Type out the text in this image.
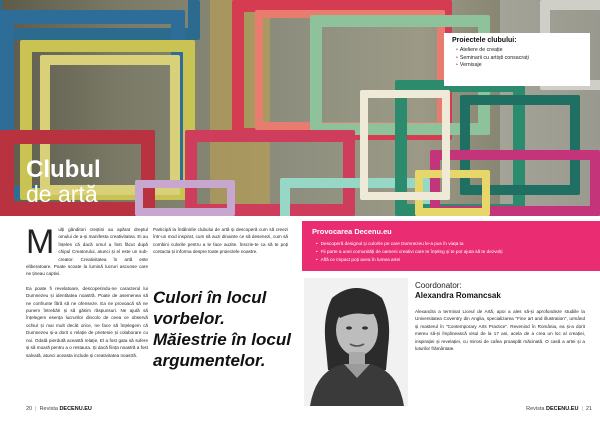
Clubul
de artă
Proiectele clubului:
• Ateliere de creație
• Seminarii cu artiști consacrați
• Vernisaje

Mulți gânditori creștini au apărat dreptul omului de a-și manifesta creativitatea. Ei au înțeles că dacă omul a fost făcut după chipul Creatorului, atunci și el este un sub-creator. Creativitatea în artă este eliberatoare. Poate scoate la lumină lucruri ascunse care ne țineau captivi.

Ea poate fi revelatoare, descoperindu-ne caracterul lui Dumnezeu și identitatea noastră. Poate de asemenea să ne confrunte fără să ne ofenseze. Ea ne provoacă să ne punem întrebări și să găsim răspunsuri. Ne ajută să înțelegem esența lucrurilor dincolo de ceea ce observă ochiul și mai mult decât orice, ne face să înțelegem că Dumnezeu și-a dorit o relație de prietenie și colaborare cu noi. Odată pierdută această relație, El a fost gata să sufere și să moară pentru a o restaura. Și dacă ființa noastră a fost salvată, atunci aceasta include și creativitatea noastră.

Participă la întâlnirile clubului de artă și descoperă cum să creezi într-un mod inspirat, cum să auzi dinainte ce să desenezi, cum să combini culorile pentru a le face auzite. Înscrie-te ca să te poți contacta și informa despre toate proiectele noastre.

Culori în locul vorbelor. Măiestrie în locul argumentelor.
Provocarea Decenu.eu
• Descoperă designul și culorile pe care Dumnezeu le-a pus în viața ta
• Fii parte a unei comunități de oameni creativi care te înțeleg și te pot ajuta să te dezvolți
• Află ce impact poți avea în lumea artei
Coordonator:
Alexandra Romancsak
Alexandra a terminat Liceul de Artă, apoi a ales să-și aprofundeze studiile la Universitatea Coventry din Anglia, specializarea "Fine art and illustration", urmând și masterul în "Contemporary Arts Practice". Revenind în România, ea și-a dorit mereu să-și împlinească visul de la 17 ani, acela de a crea un loc al creației, inspirației și revelației, cu mirosi de cafea proaspăt măcinată. O casă a artei și a luturilor frământate.
20 | Revista DECENU.EU	Revista DECENU.EU | 21
